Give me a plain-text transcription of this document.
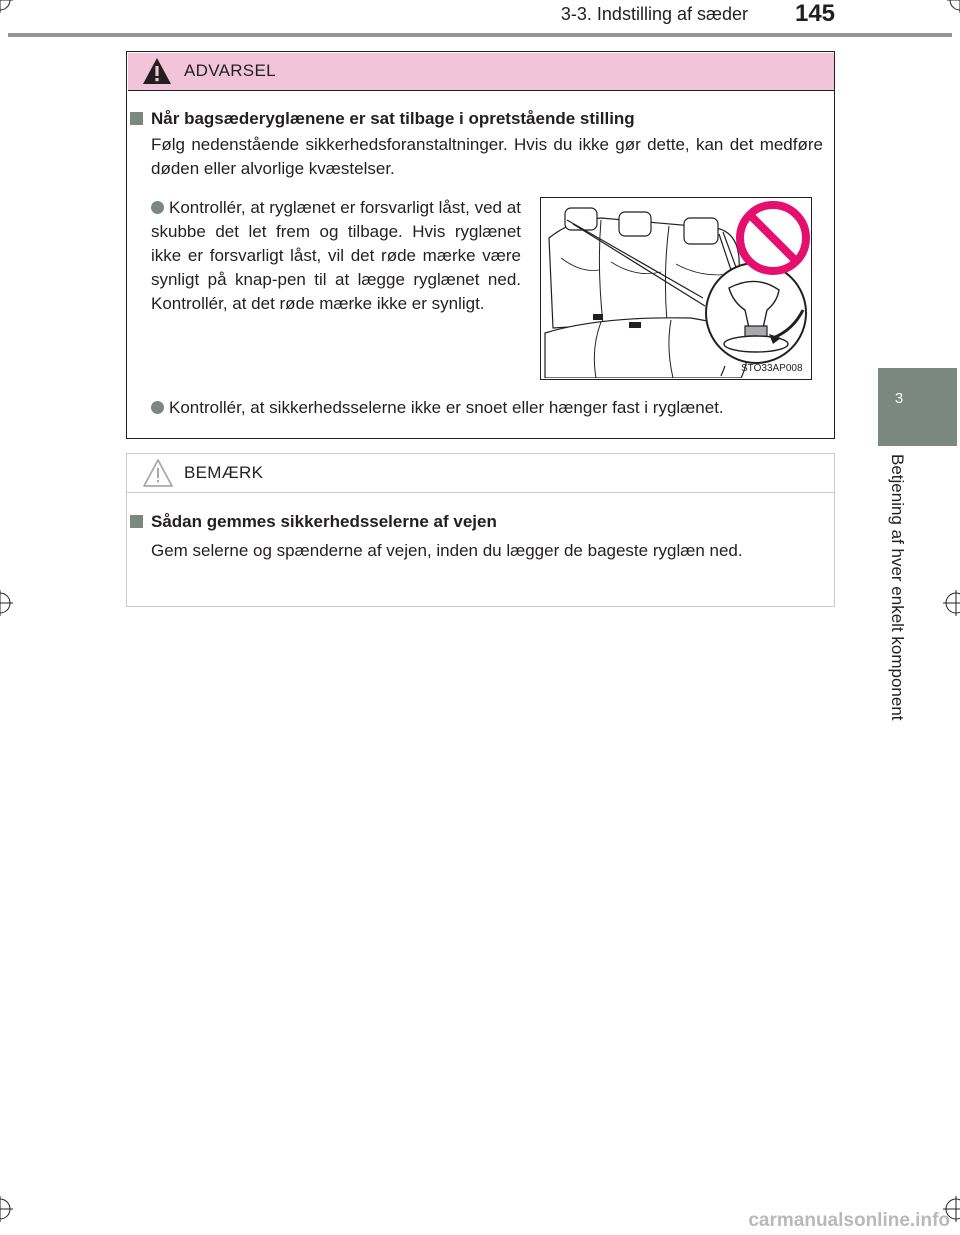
3-3. Indstilling af sæder	145
3
Betjening af hver enkelt komponent
ADVARSEL
Når bagsæderyglænene er sat tilbage i opretstående stilling
Følg nedenstående sikkerhedsforanstaltninger. Hvis du ikke gør dette, kan det medføre døden eller alvorlige kvæstelser.
Kontrollér, at ryglænet er forsvarligt låst, ved at skubbe det let frem og tilbage. Hvis ryglænet ikke er forsvarligt låst, vil det røde mærke være synligt på knap-pen til at lægge ryglænet ned. Kontrollér, at det røde mærke ikke er synligt.
STO33AP008
Kontrollér, at sikkerhedsselerne ikke er snoet eller hænger fast i ryglænet.
BEMÆRK
Sådan gemmes sikkerhedsselerne af vejen
Gem selerne og spænderne af vejen, inden du lægger de bageste ryglæn ned.
carmanualsonline.info
